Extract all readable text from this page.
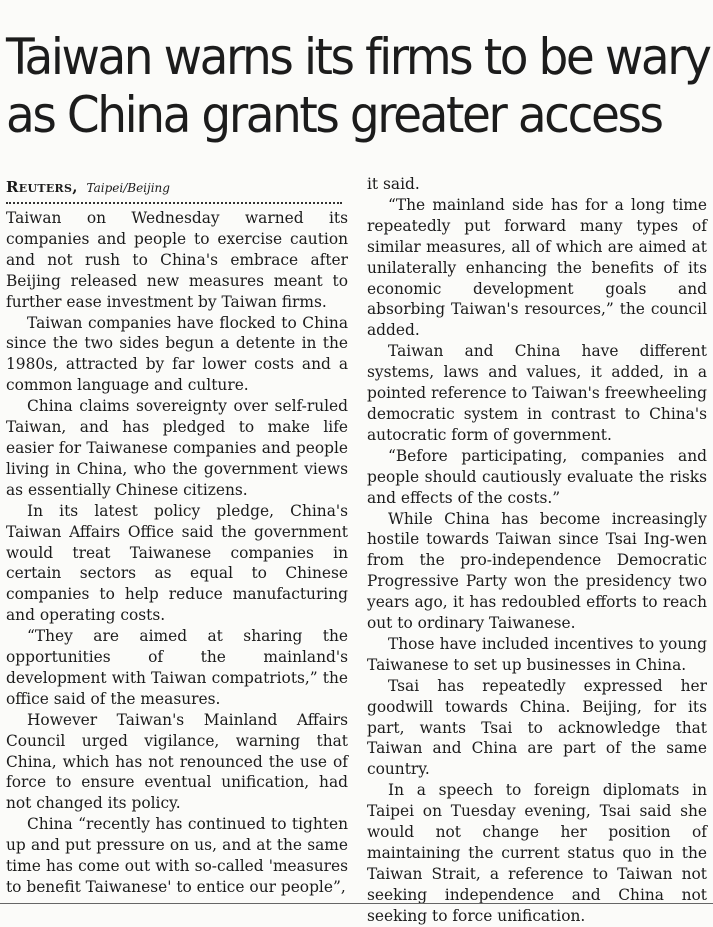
Taiwan warns its firms to be wary
as China grants greater access
Reuters, Taipei/Beijing

Taiwan on Wednesday warned its companies and people to exercise caution and not rush to China's embrace after Beijing released new measures meant to further ease investment by Taiwan firms.

Taiwan companies have flocked to China since the two sides begun a detente in the 1980s, attracted by far lower costs and a common language and culture.

China claims sovereignty over self-ruled Taiwan, and has pledged to make life easier for Taiwanese companies and people living in China, who the government views as essentially Chinese citizens.

In its latest policy pledge, China's Taiwan Affairs Office said the government would treat Taiwanese companies in certain sectors as equal to Chinese companies to help reduce manufacturing and operating costs.

“They are aimed at sharing the opportunities of the mainland's development with Taiwan compatriots,” the office said of the measures.

However Taiwan's Mainland Affairs Council urged vigilance, warning that China, which has not renounced the use of force to ensure eventual unification, had not changed its policy.

China “recently has continued to tighten up and put pressure on us, and at the same time has come out with so-called 'measures to benefit Taiwanese' to entice our people”,

it said.

“The mainland side has for a long time repeatedly put forward many types of similar measures, all of which are aimed at unilaterally enhancing the benefits of its economic development goals and absorbing Taiwan's resources,” the council added.

Taiwan and China have different systems, laws and values, it added, in a pointed reference to Taiwan's freewheeling democratic system in contrast to China's autocratic form of government.

“Before participating, companies and people should cautiously evaluate the risks and effects of the costs.”

While China has become increasingly hostile towards Taiwan since Tsai Ing-wen from the pro-independence Democratic Progressive Party won the presidency two years ago, it has redoubled efforts to reach out to ordinary Taiwanese.

Those have included incentives to young Taiwanese to set up businesses in China.

Tsai has repeatedly expressed her goodwill towards China. Beijing, for its part, wants Tsai to acknowledge that Taiwan and China are part of the same country.

In a speech to foreign diplomats in Taipei on Tuesday evening, Tsai said she would not change her position of maintaining the current status quo in the Taiwan Strait, a reference to Taiwan not seeking independence and China not seeking to force unification.
